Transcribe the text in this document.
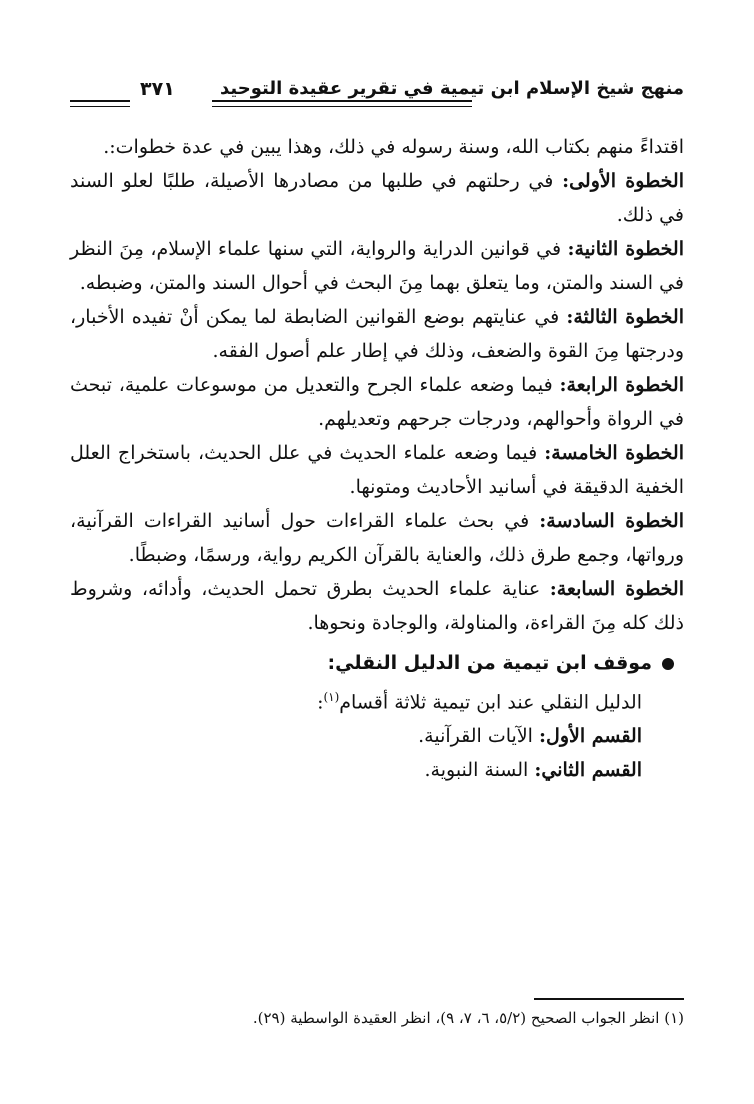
منهج شيخ الإسلام ابن تيمية في تقرير عقيدة التوحيد
٣٧١

اقتداءً منهم بكتاب الله، وسنة رسوله في ذلك، وهذا يبين في عدة خطوات:.

الخطوة الأولى: في رحلتهم في طلبها من مصادرها الأصيلة، طلبًا لعلو السند في ذلك.

الخطوة الثانية: في قوانين الدراية والرواية، التي سنها علماء الإسلام، مِنَ النظر في السند والمتن، وما يتعلق بهما مِنَ البحث في أحوال السند والمتن، وضبطه.

الخطوة الثالثة: في عنايتهم بوضع القوانين الضابطة لما يمكن أنْ تفيده الأخبار، ودرجتها مِنَ القوة والضعف، وذلك في إطار علم أصول الفقه.

الخطوة الرابعة: فيما وضعه علماء الجرح والتعديل من موسوعات علمية، تبحث في الرواة وأحوالهم، ودرجات جرحهم وتعديلهم.

الخطوة الخامسة: فيما وضعه علماء الحديث في علل الحديث، باستخراج العلل الخفية الدقيقة في أسانيد الأحاديث ومتونها.

الخطوة السادسة: في بحث علماء القراءات حول أسانيد القراءات القرآنية، ورواتها، وجمع طرق ذلك، والعناية بالقرآن الكريم رواية، ورسمًا، وضبطًا.

الخطوة السابعة: عناية علماء الحديث بطرق تحمل الحديث، وأدائه، وشروط ذلك كله مِنَ القراءة، والمناولة، والوجادة ونحوها.

موقف ابن تيمية من الدليل النقلي:

الدليل النقلي عند ابن تيمية ثلاثة أقسام$^{(١)}$:

القسم الأول: الآيات القرآنية.

القسم الثاني: السنة النبوية.

(١) انظر الجواب الصحيح (٥/٢، ٦، ٧، ٩)، انظر العقيدة الواسطية (٢٩).
